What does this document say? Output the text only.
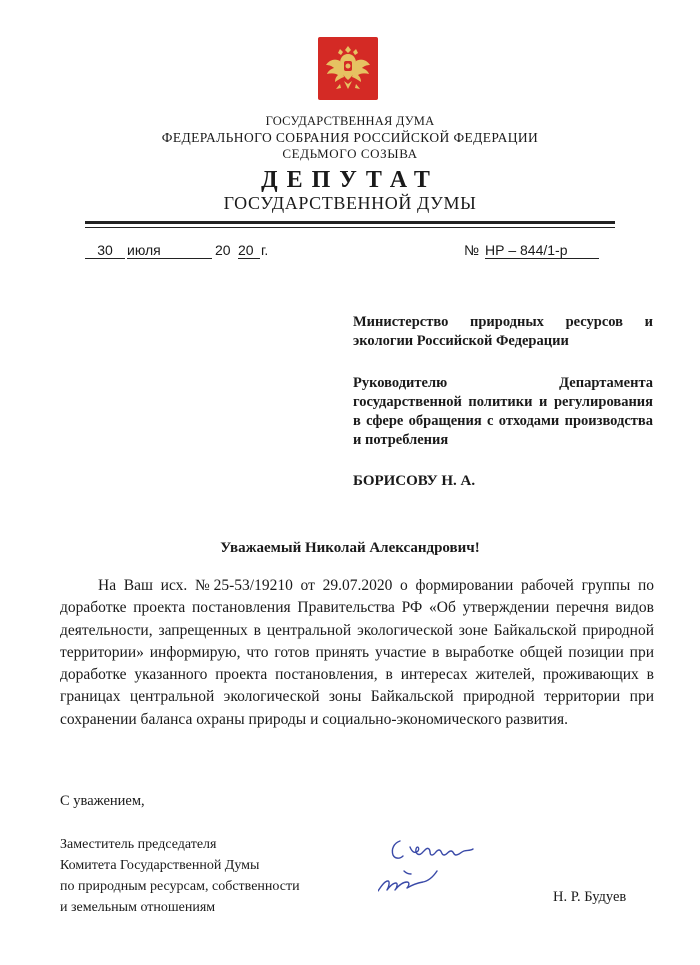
ГОСУДАРСТВЕННАЯ ДУМА
ФЕДЕРАЛЬНОГО СОБРАНИЯ РОССИЙСКОЙ ФЕДЕРАЦИИ
СЕДЬМОГО СОЗЫВА
ДЕПУТАТ
ГОСУДАРСТВЕННОЙ ДУМЫ
30	июля	20 20 г.	№ НР – 844/1-р
Министерство природных ресурсов и экологии Российской Федерации
Руководителю Департамента государственной политики и регулирования в сфере обращения с отходами производства и потребления
БОРИСОВУ Н. А.
Уважаемый Николай Александрович!
На Ваш исх. №25-53/19210 от 29.07.2020 о формировании рабочей группы по доработке проекта постановления Правительства РФ «Об утверждении перечня видов деятельности, запрещенных в центральной экологической зоне Байкальской природной территории» информирую, что готов принять участие в выработке общей позиции при доработке указанного проекта постановления, в интересах жителей, проживающих в границах центральной экологической зоны Байкальской природной территории при сохранении баланса охраны природы и социально-экономического развития.
С уважением,
Заместитель председателя
Комитета Государственной Думы
по природным ресурсам, собственности
и земельным отношениям
Н. Р. Будуев
